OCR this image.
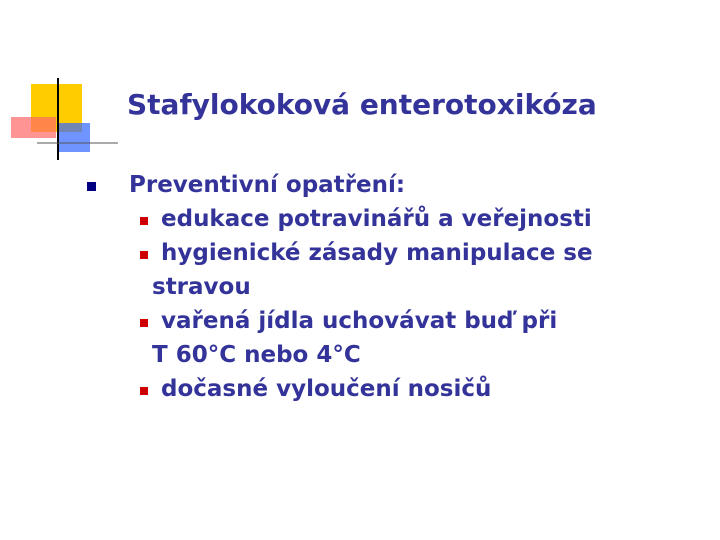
Stafylokoková enterotoxikóza
Preventivní opatření:
edukace potravinářů a veřejnosti
hygienické zásady manipulace se
stravou
vařená jídla uchovávat buď při
T 60°C nebo 4°C
dočasné vyloučení nosičů
